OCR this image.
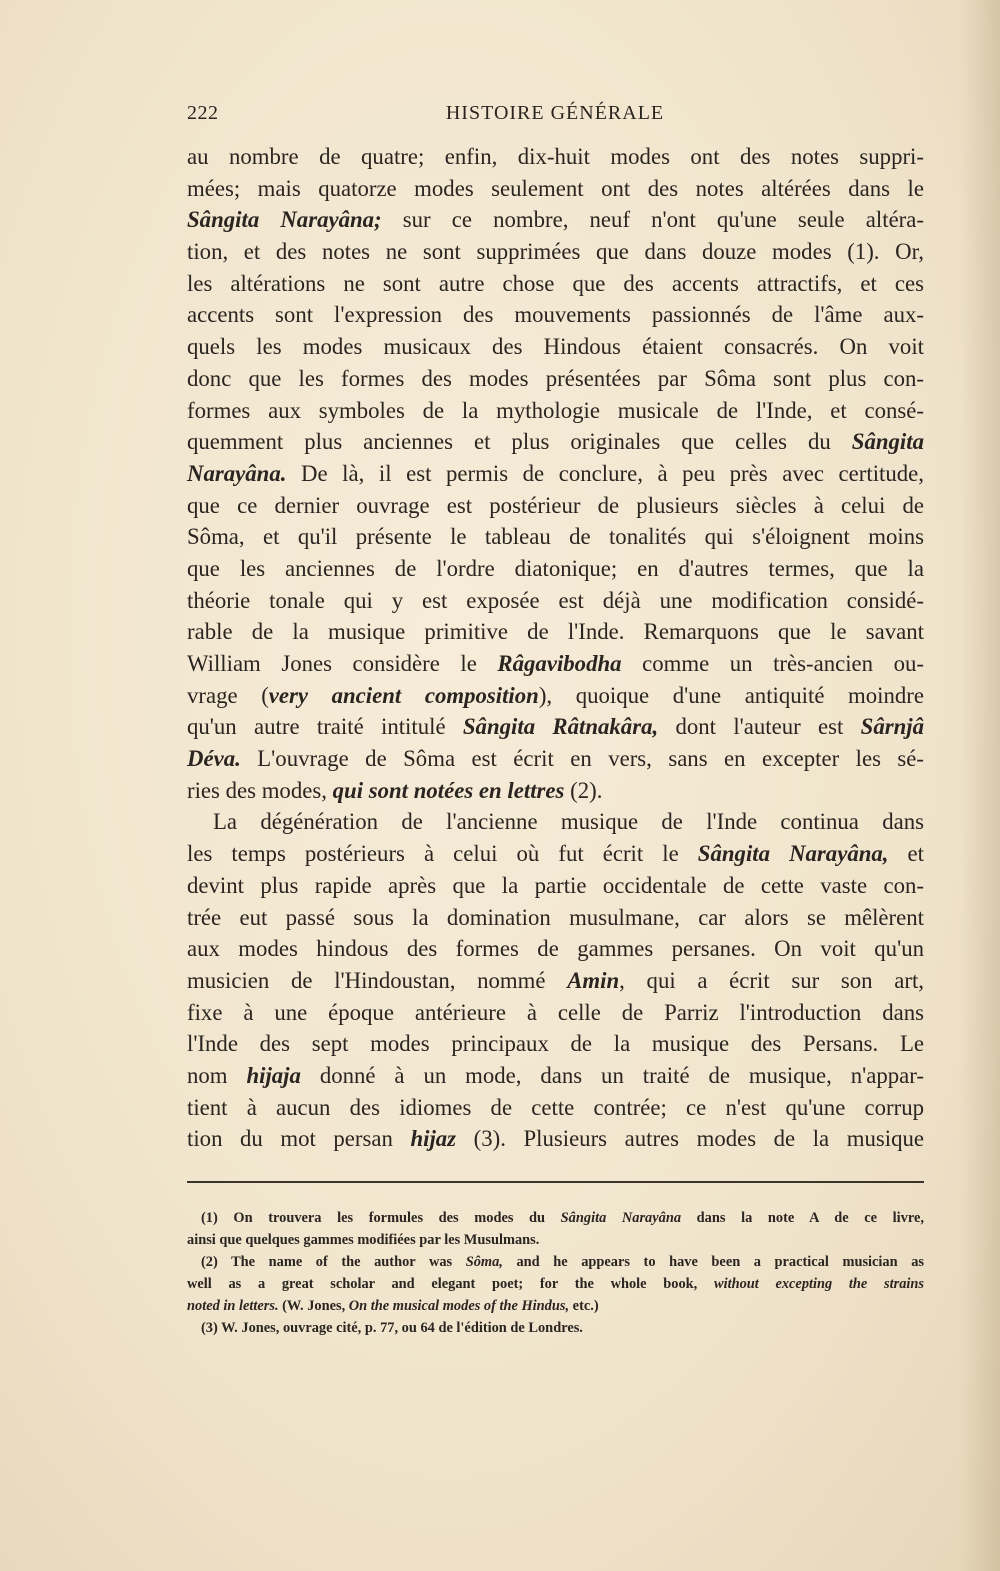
222	HISTOIRE GÉNÉRALE
au nombre de quatre; enfin, dix-huit modes ont des notes suppri-
mées; mais quatorze modes seulement ont des notes altérées dans le
Sângita Narayâna; sur ce nombre, neuf n'ont qu'une seule altéra-
tion, et des notes ne sont supprimées que dans douze modes (1). Or,
les altérations ne sont autre chose que des accents attractifs, et ces
accents sont l'expression des mouvements passionnés de l'âme aux-
quels les modes musicaux des Hindous étaient consacrés. On voit
donc que les formes des modes présentées par Sôma sont plus con-
formes aux symboles de la mythologie musicale de l'Inde, et consé-
quemment plus anciennes et plus originales que celles du Sângita
Narayâna. De là, il est permis de conclure, à peu près avec certitude,
que ce dernier ouvrage est postérieur de plusieurs siècles à celui de
Sôma, et qu'il présente le tableau de tonalités qui s'éloignent moins
que les anciennes de l'ordre diatonique; en d'autres termes, que la
théorie tonale qui y est exposée est déjà une modification considé-
rable de la musique primitive de l'Inde. Remarquons que le savant
William Jones considère le Râgavibodha comme un très-ancien ou-
vrage (very ancient composition), quoique d'une antiquité moindre
qu'un autre traité intitulé Sângita Râtnakâra, dont l'auteur est Sârnjâ
Déva. L'ouvrage de Sôma est écrit en vers, sans en excepter les sé-
ries des modes, qui sont notées en lettres (2).
La dégénération de l'ancienne musique de l'Inde continua dans
les temps postérieurs à celui où fut écrit le Sângita Narayâna, et
devint plus rapide après que la partie occidentale de cette vaste con-
trée eut passé sous la domination musulmane, car alors se mêlèrent
aux modes hindous des formes de gammes persanes. On voit qu'un
musicien de l'Hindoustan, nommé Amin, qui a écrit sur son art,
fixe à une époque antérieure à celle de Parriz l'introduction dans
l'Inde des sept modes principaux de la musique des Persans. Le
nom hijaja donné à un mode, dans un traité de musique, n'appar-
tient à aucun des idiomes de cette contrée; ce n'est qu'une corrup
tion du mot persan hijaz (3). Plusieurs autres modes de la musique
(1) On trouvera les formules des modes du Sângita Narayâna dans la note A de ce livre,
ainsi que quelques gammes modifiées par les Musulmans.
(2) The name of the author was Sôma, and he appears to have been a practical musician as
well as a great scholar and elegant poet; for the whole book, without excepting the strains
noted in letters. (W. Jones, On the musical modes of the Hindus, etc.)
(3) W. Jones, ouvrage cité, p. 77, ou 64 de l'édition de Londres.
